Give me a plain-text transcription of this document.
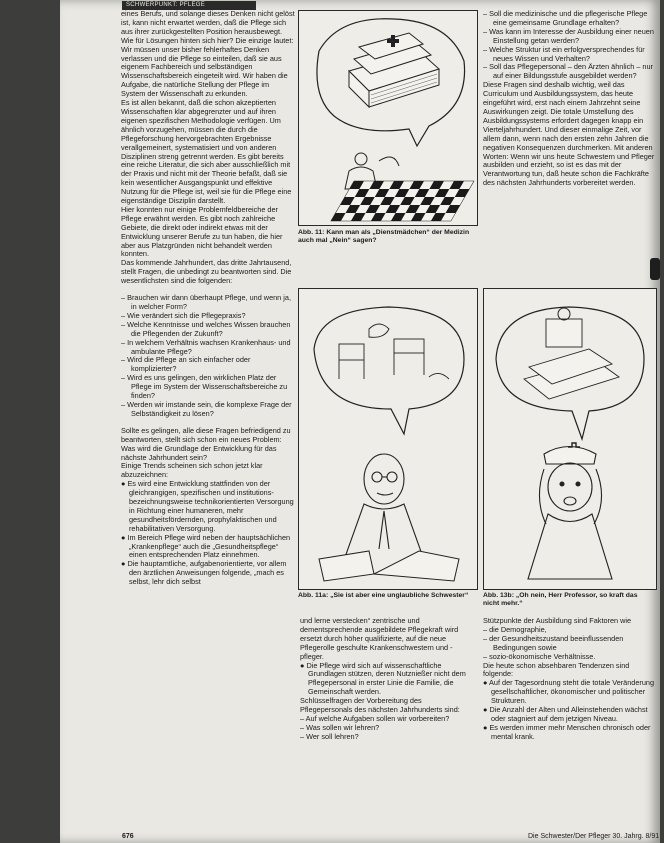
SCHWERPUNKT: PFLEGE

eines Berufs, und solange dieses Denken nicht gelöst ist, kann nicht erwartet werden, daß die Pflege sich aus ihrer zurückgestellten Position herausbewegt.

Wie für Lösungen hinten sich hier? Die einzige lautet: Wir müssen unser bisher fehlerhaftes Denken verlassen und die Pflege so einteilen, daß sie aus eigenem Fachbereich und selbständigen Wissenschaftsbereich eingeteilt wird. Wir haben die Aufgabe, die natürliche Stellung der Pflege im System der Wissenschaft zu erkunden.

Es ist allen bekannt, daß die schon akzeptierten Wissenschaften klar abgegrenzter und auf ihren eigenen spezifischen Methodologie verfügen. Um ähnlich vorzugehen, müssen die durch die Pflegeforschung hervorgebrachten Ergebnisse verallgemeinert, systematisiert und von anderen Disziplinen streng getrennt werden. Es gibt bereits eine reiche Literatur, die sich aber ausschließlich mit der Praxis und nicht mit der Theorie befaßt, daß sie kein wesentlicher Ausgangspunkt und effektive Nutzung für die Pflege ist, weil sie für die Pflege eine eigenständige Disziplin darstellt.

Hier konnten nur einige Problemfeldbereiche der Pflege erwähnt werden. Es gibt noch zahlreiche Gebiete, die direkt oder indirekt etwas mit der Entwicklung unserer Berufe zu tun haben, die hier aber aus Platzgründen nicht behandelt werden konnten.

Das kommende Jahrhundert, das dritte Jahrtausend, stellt Fragen, die unbedingt zu beantworten sind. Die wesentlichsten sind die folgenden:

– Brauchen wir dann überhaupt Pflege, und wenn ja, in welcher Form?

– Wie verändert sich die Pflegepraxis?

– Welche Kenntnisse und welches Wissen brauchen die Pflegenden der Zukunft?

– In welchem Verhältnis wachsen Krankenhaus- und ambulante Pflege?

– Wird die Pflege an sich einfacher oder komplizierter?

– Wird es uns gelingen, den wirklichen Platz der Pflege im System der Wissenschaftsbereiche zu finden?

– Werden wir imstande sein, die komplexe Frage der Selbständigkeit zu lösen?

Sollte es gelingen, alle diese Fragen befriedigend zu beantworten, stellt sich schon ein neues Problem: Was wird die Grundlage der Entwicklung für das nächste Jahrhundert sein?

Einige Trends scheinen sich schon jetzt klar abzuzeichnen:

● Es wird eine Entwicklung stattfinden von der gleichrangigen, spezifischen und institutions-bezeichnungsweise technikorientierten Versorgung in Richtung einer humaneren, mehr gesundheitsfördernden, prophylaktischen und rehabilitativen Versorgung.

● Im Bereich Pflege wird neben der hauptsächlichen „Krankenpflege“ auch die „Gesundheitspflege“ einen entsprechenden Platz einnehmen.

● Die hauptamtliche, aufgabenorientierte, vor allem den ärztlichen Anweisungen folgende, „mach es selbst, lehr dich selbst

Abb. 11: Kann man als „Dienstmädchen“ der Medizin auch mal „Nein“ sagen?

– Soll die medizinische und die pflegerische Pflege eine gemeinsame Grundlage erhalten?

– Was kann im Interesse der Ausbildung einer neuen Einstellung getan werden?

– Welche Struktur ist ein erfolgversprechendes für neues Wissen und Verhalten?

– Soll das Pflegepersonal – den Ärzten ähnlich – nur auf einer Bildungsstufe ausgebildet werden?

Diese Fragen sind deshalb wichtig, weil das Curriculum und Ausbildungssystem, das heute eingeführt wird, erst nach einem Jahrzehnt seine Auswirkungen zeigt. Die totale Umstellung des Ausbildungssystems erfordert dagegen knapp ein Vierteljahrhundert. Und dieser einmalige Zeit, vor allem dann, wenn nach den ersten zehn Jahren die negativen Konsequenzen durchmerken. Mit anderen Worten: Wenn wir uns heute Schwestern und Pfleger ausbilden und erzieht, so ist es das mit der Verantwortung tun, daß heute schon die Fachkräfte des nächsten Jahrhunderts vorbereitet werden.

Abb. 11a: „Sie ist aber eine unglaubliche Schwester“	Abb. 13b: „Oh nein, Herr Professor, so kraft das nicht mehr.“

und lerne verstecken“ zentrische und dementsprechende ausgebildete Pflegekraft wird ersetzt durch höher qualifizierte, auf die neue Pflegerolle geschulte Krankenschwestern und -pfleger.

● Die Pflege wird sich auf wissenschaftliche Grundlagen stützen, deren Nutznießer nicht dem Pflegepersonal in erster Linie die Familie, die Gemeinschaft werden.

Schlüsselfragen der Vorbereitung des Pflegepersonals des nächsten Jahrhunderts sind:

– Auf welche Aufgaben sollen wir vorbereiten?

– Was sollen wir lehren?

– Wer soll lehren?

Stützpunkte der Ausbildung sind Faktoren wie

– die Demographie,

– der Gesundheitszustand beeinflussenden Bedingungen sowie

– sozio-ökonomische Verhältnisse.

Die heute schon absehbaren Tendenzen sind folgende:

● Auf der Tagesordnung steht die totale Veränderung gesellschaftlicher, ökonomischer und politischer Strukturen.

● Die Anzahl der Alten und Alleinstehenden wächst oder stagniert auf dem jetzigen Niveau.

● Es werden immer mehr Menschen chronisch oder mental krank.

676	Die Schwester/Der Pfleger 30. Jahrg. 8/91
